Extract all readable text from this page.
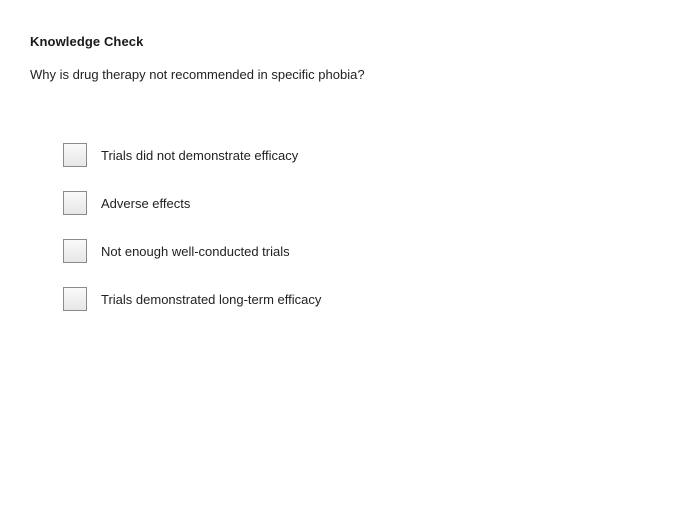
Knowledge Check
Why is drug therapy not recommended in specific phobia?
Trials did not demonstrate efficacy
Adverse effects
Not enough well-conducted trials
Trials demonstrated long-term efficacy
